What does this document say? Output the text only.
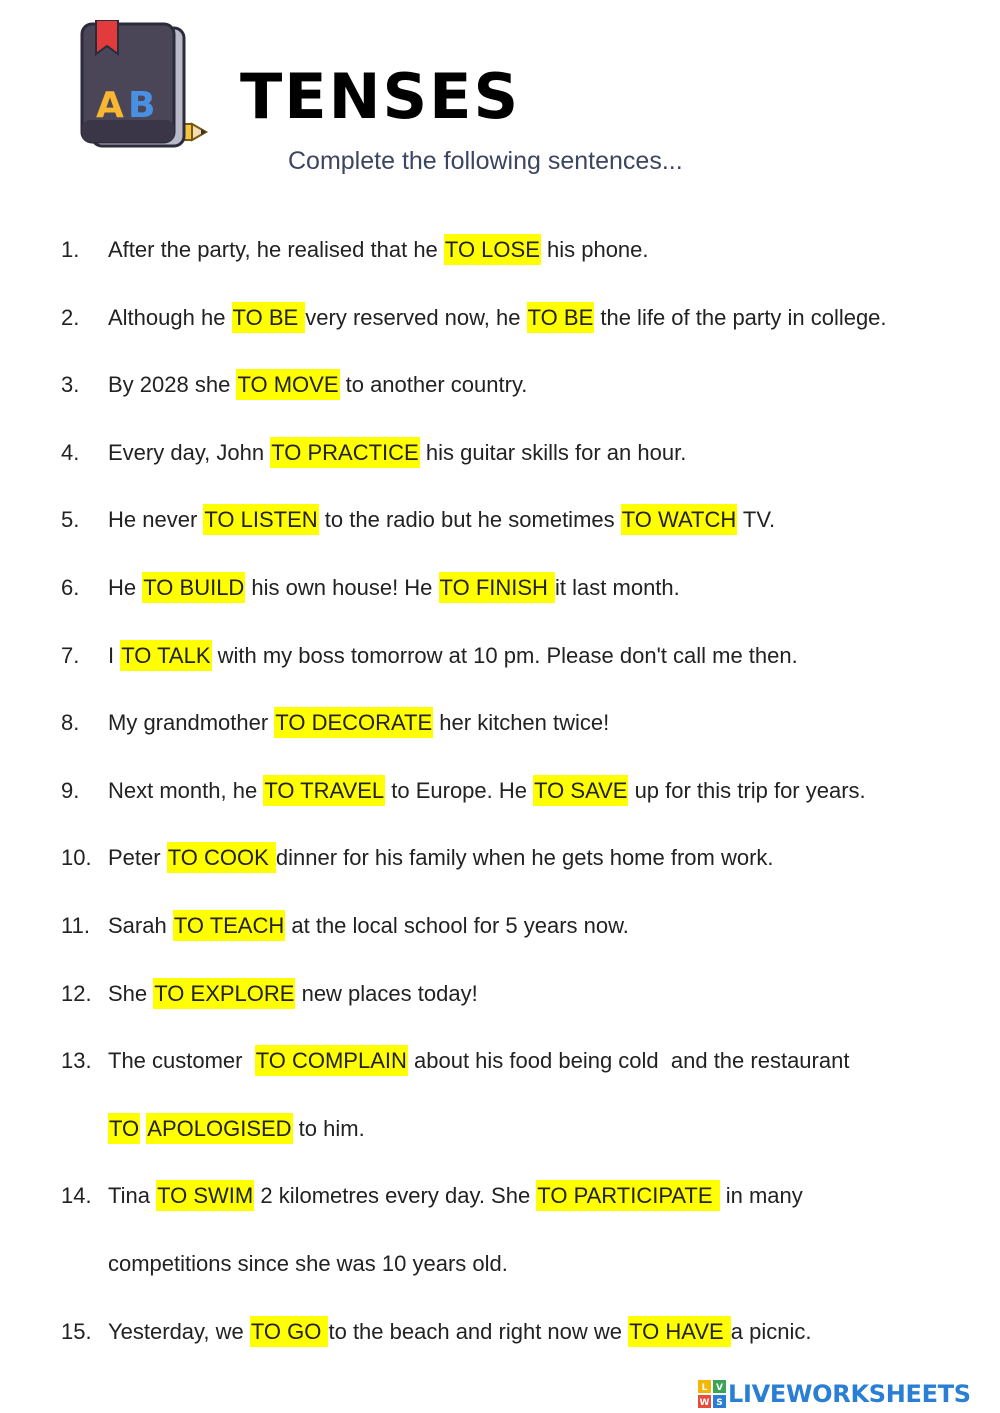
A B TENSES

Complete the following sentences...

1. After the party, he realised that he TO LOSE his phone.
2. Although he TO BE very reserved now, he TO BE the life of the party in college.
3. By 2028 she TO MOVE to another country.
4. Every day, John TO PRACTICE his guitar skills for an hour.
5. He never TO LISTEN to the radio but he sometimes TO WATCH TV.
6. He TO BUILD his own house! He TO FINISH it last month.
7. I TO TALK with my boss tomorrow at 10 pm. Please don't call me then.
8. My grandmother TO DECORATE her kitchen twice!
9. Next month, he TO TRAVEL to Europe. He TO SAVE up for this trip for years.
10. Peter TO COOK dinner for his family when he gets home from work.
11. Sarah TO TEACH at the local school for 5 years now.
12. She TO EXPLORE new places today!
13. The customer  TO COMPLAIN about his food being cold  and the restaurant
TO APOLOGISED to him.
14. Tina TO SWIM 2 kilometres every day. She TO PARTICIPATE  in many
competitions since she was 10 years old.
15. Yesterday, we TO GO to the beach and right now we TO HAVE a picnic.
L V
W S LIVEWORKSHEETS
